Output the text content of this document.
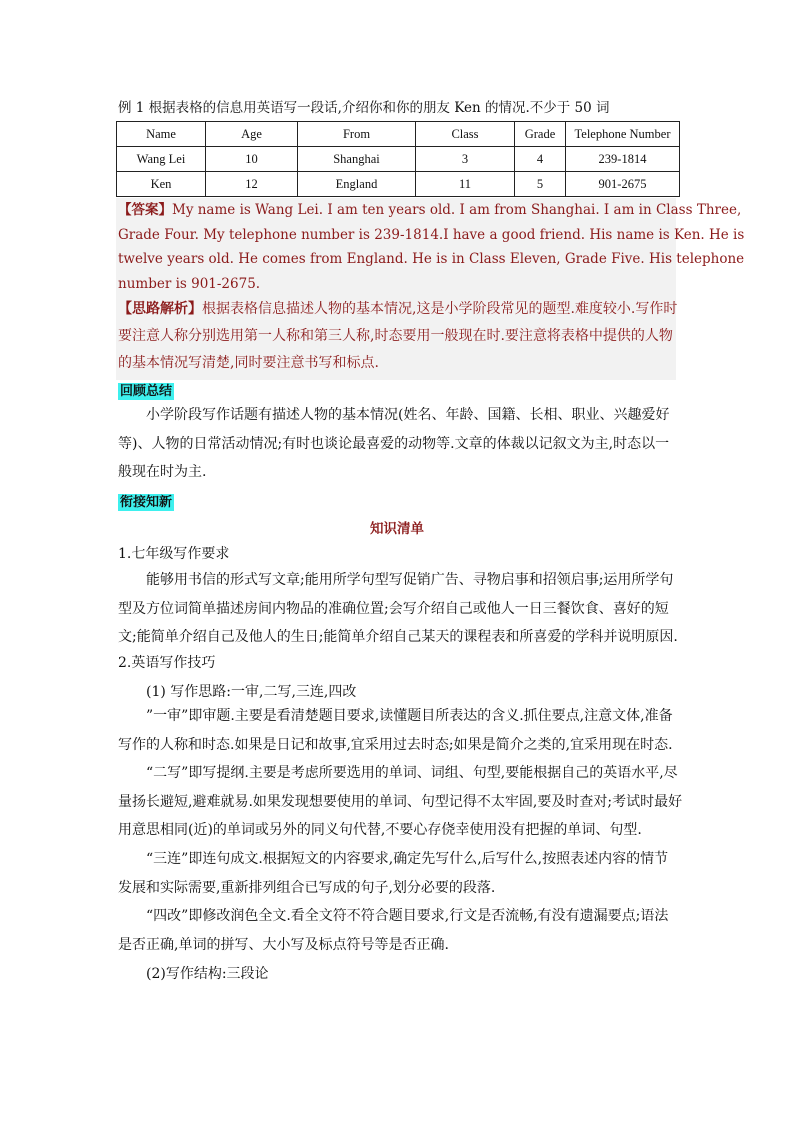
例 1 根据表格的信息用英语写一段话,介绍你和你的朋友 Ken 的情况.不少于 50 词
Name	Age	From	Class	Grade	Telephone Number
Wang Lei	10	Shanghai	3	4	239-1814
Ken	12	England	11	5	901-2675
【答案】My name is Wang Lei. I am ten years old. I am from Shanghai. I am in Class Three,
Grade Four. My telephone number is 239-1814.I have a good friend. His name is Ken. He is
twelve years old. He comes from England. He is in Class Eleven, Grade Five. His telephone
number is 901-2675.
【思路解析】根据表格信息描述人物的基本情况,这是小学阶段常见的题型.难度较小.写作时
要注意人称分别选用第一人称和第三人称,时态要用一般现在时.要注意将表格中提供的人物
的基本情况写清楚,同时要注意书写和标点.
回顾总结
小学阶段写作话题有描述人物的基本情况(姓名、年龄、国籍、长相、职业、兴趣爱好
等)、人物的日常活动情况;有时也谈论最喜爱的动物等.文章的体裁以记叙文为主,时态以一
般现在时为主.
衔接知新
知识清单
1.七年级写作要求
能够用书信的形式写文章;能用所学句型写促销广告、寻物启事和招领启事;运用所学句
型及方位词简单描述房间内物品的准确位置;会写介绍自己或他人一日三餐饮食、喜好的短
文;能简单介绍自己及他人的生日;能简单介绍自己某天的课程表和所喜爱的学科并说明原因.
2.英语写作技巧
(1) 写作思路:一审,二写,三连,四改
”一审”即审题.主要是看清楚题目要求,读懂题目所表达的含义.抓住要点,注意文体,准备
写作的人称和时态.如果是日记和故事,宜采用过去时态;如果是简介之类的,宜采用现在时态.
“二写”即写提纲.主要是考虑所要选用的单词、词组、句型,要能根据自己的英语水平,尽
量扬长避短,避难就易.如果发现想要使用的单词、句型记得不太牢固,要及时查对;考试时最好
用意思相同(近)的单词或另外的同义句代替,不要心存侥幸使用没有把握的单词、句型.
“三连”即连句成文.根据短文的内容要求,确定先写什么,后写什么,按照表述内容的情节
发展和实际需要,重新排列组合已写成的句子,划分必要的段落.
“四改”即修改润色全文.看全文符不符合题目要求,行文是否流畅,有没有遗漏要点;语法
是否正确,单词的拼写、大小写及标点符号等是否正确.
(2)写作结构:三段论
